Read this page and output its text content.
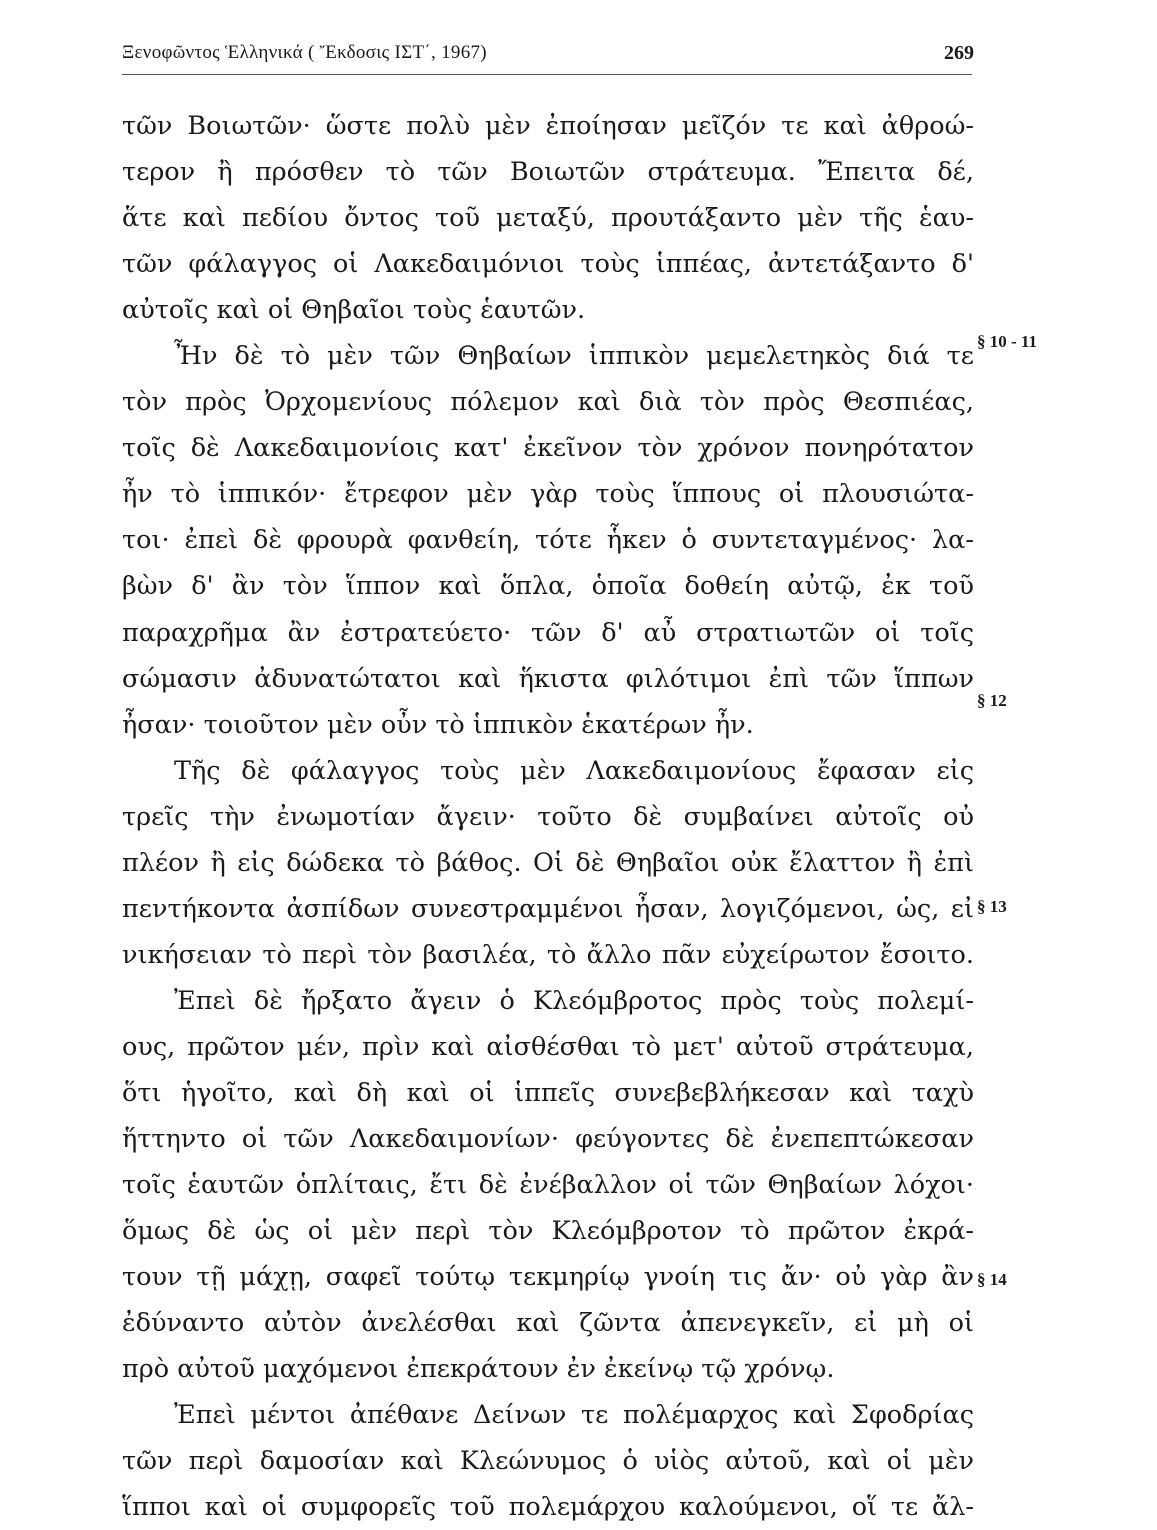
Ξενοφῶντος Ἑλληνικά ( Ἔκδοσις ΙΣΤ΄, 1967)	269
τῶν Βοιωτῶν· ὥστε πολὺ μὲν ἐποίησαν μεῖζόν τε καὶ ἀθροώ-
τερον ἢ πρόσθεν τὸ τῶν Βοιωτῶν στράτευμα. Ἔπειτα δέ,
ἅτε καὶ πεδίου ὄντος τοῦ μεταξύ, προυτάξαντο μὲν τῆς ἑαυ-
τῶν φάλαγγος οἱ Λακεδαιμόνιοι τοὺς ἱππέας, ἀντετάξαντο δ'
αὐτοῖς καὶ οἱ Θηβαῖοι τοὺς ἑαυτῶν.
Ἦν δὲ τὸ μὲν τῶν Θηβαίων ἱππικὸν μεμελετηκὸς διά τε
τὸν πρὸς Ὀρχομενίους πόλεμον καὶ διὰ τὸν πρὸς Θεσπιέας,
τοῖς δὲ Λακεδαιμονίοις κατ' ἐκεῖνον τὸν χρόνον πονηρότατον
ἦν τὸ ἱππικόν· ἔτρεφον μὲν γὰρ τοὺς ἵππους οἱ πλουσιώτα-
τοι· ἐπεὶ δὲ φρουρὰ φανθείη, τότε ἧκεν ὁ συντεταγμένος· λα-
βὼν δ' ἂν τὸν ἵππον καὶ ὅπλα, ὁποῖα δοθείη αὐτῷ, ἐκ τοῦ
παραχρῆμα ἂν ἐστρατεύετο· τῶν δ' αὖ στρατιωτῶν οἱ τοῖς
σώμασιν ἀδυνατώτατοι καὶ ἥκιστα φιλότιμοι ἐπὶ τῶν ἵππων
ἦσαν· τοιοῦτον μὲν οὖν τὸ ἱππικὸν ἑκατέρων ἦν.
Τῆς δὲ φάλαγγος τοὺς μὲν Λακεδαιμονίους ἔφασαν εἰς
τρεῖς τὴν ἐνωμοτίαν ἄγειν· τοῦτο δὲ συμβαίνει αὐτοῖς οὐ
πλέον ἢ εἰς δώδεκα τὸ βάθος. Οἱ δὲ Θηβαῖοι οὐκ ἔλαττον ἢ ἐπὶ
πεντήκοντα ἀσπίδων συνεστραμμένοι ἦσαν, λογιζόμενοι, ὡς, εἰ
νικήσειαν τὸ περὶ τὸν βασιλέα, τὸ ἄλλο πᾶν εὐχείρωτον ἔσοιτο.
Ἐπεὶ δὲ ἤρξατο ἄγειν ὁ Κλεόμβροτος πρὸς τοὺς πολεμί-
ους, πρῶτον μέν, πρὶν καὶ αἰσθέσθαι τὸ μετ' αὐτοῦ στράτευμα,
ὅτι ἡγοῖτο, καὶ δὴ καὶ οἱ ἱππεῖς συνεβεβλήκεσαν καὶ ταχὺ
ἥττηντο οἱ τῶν Λακεδαιμονίων· φεύγοντες δὲ ἐνεπεπτώκεσαν
τοῖς ἑαυτῶν ὁπλίταις, ἔτι δὲ ἐνέβαλλον οἱ τῶν Θηβαίων λόχοι·
ὅμως δὲ ὡς οἱ μὲν περὶ τὸν Κλεόμβροτον τὸ πρῶτον ἐκρά-
τουν τῇ μάχῃ, σαφεῖ τούτῳ τεκμηρίῳ γνοίη τις ἄν· οὐ γὰρ ἂν
ἐδύναντο αὐτὸν ἀνελέσθαι καὶ ζῶντα ἀπενεγκεῖν, εἰ μὴ οἱ
πρὸ αὐτοῦ μαχόμενοι ἐπεκράτουν ἐν ἐκείνῳ τῷ χρόνῳ.
Ἐπεὶ μέντοι ἀπέθανε Δείνων τε πολέμαρχος καὶ Σφοδρίας
τῶν περὶ δαμοσίαν καὶ Κλεώνυμος ὁ υἱὸς αὐτοῦ, καὶ οἱ μὲν
ἵπποι καὶ οἱ συμφορεῖς τοῦ πολεμάρχου καλούμενοι, οἵ τε ἄλ-
§ 10 - 11
§ 12
§ 13
§ 14
